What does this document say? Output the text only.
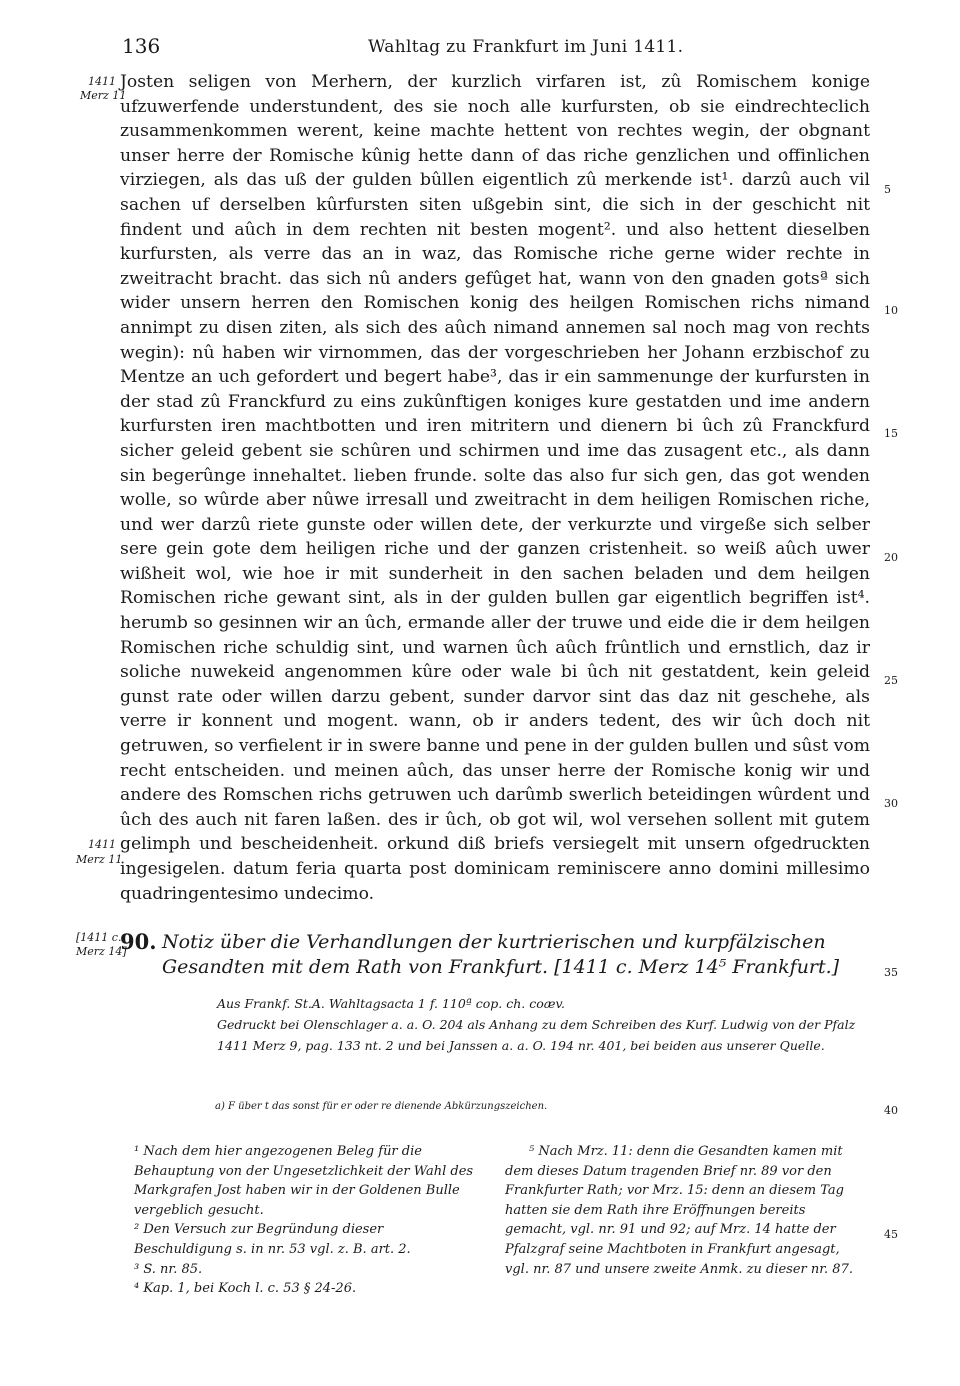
136	Wahltag zu Frankfurt im Juni 1411.
1411
Merz 11
1411
Merz 11
[1411 c.
Merz 14]
5
10
15
20
25
30
35
40
45

Josten seligen von Merhern, der kurzlich virfaren ist, zû Romischem konige ufzuwerfende understundent, des sie noch alle kurfursten, ob sie eindrechteclich zusammenkommen werent, keine machte hettent von rechtes wegin, der obgnant unser herre der Romische kûnig hette dann of das riche genzlichen und offinlichen virziegen, als das uß der gulden bûllen eigentlich zû merkende ist¹. darzû auch vil sachen uf derselben kûrfursten siten ußgebin sint, die sich in der geschicht nit findent und aûch in dem rechten nit besten mogent². und also hettent dieselben kurfursten, als verre das an in waz, das Romische riche gerne wider rechte in zweitracht bracht. das sich nû anders gefûget hat, wann von den gnaden gotsª sich wider unsern herren den Romischen konig des heilgen Romischen richs nimand annimpt zu disen ziten, als sich des aûch nimand annemen sal noch mag von rechts wegin): nû haben wir virnommen, das der vorgeschrieben her Johann erzbischof zu Mentze an uch gefordert und begert habe³, das ir ein sammenunge der kurfursten in der stad zû Franckfurd zu eins zukûnftigen koniges kure gestatden und ime andern kurfursten iren machtbotten und iren mitritern und dienern bi ûch zû Franckfurd sicher geleid gebent sie schûren und schirmen und ime das zusagent etc., als dann sin begerûnge innehaltet. lieben frunde. solte das also fur sich gen, das got wenden wolle, so wûrde aber nûwe irresall und zweitracht in dem heiligen Romischen riche, und wer darzû riete gunste oder willen dete, der verkurzte und virgeße sich selber sere gein gote dem heiligen riche und der ganzen cristenheit. so weiß aûch uwer wißheit wol, wie hoe ir mit sunderheit in den sachen beladen und dem heilgen Romischen riche gewant sint, als in der gulden bullen gar eigentlich begriffen ist⁴. herumb so gesinnen wir an ûch, ermande aller der truwe und eide die ir dem heilgen Romischen riche schuldig sint, und warnen ûch aûch frûntlich und ernstlich, daz ir soliche nuwekeid angenommen kûre oder wale bi ûch nit gestatdent, kein geleid gunst rate oder willen darzu gebent, sunder darvor sint das daz nit geschehe, als verre ir konnent und mogent. wann, ob ir anders tedent, des wir ûch doch nit getruwen, so verfielent ir in swere banne und pene in der gulden bullen und sûst vom recht entscheiden. und meinen aûch, das unser herre der Romische konig wir und andere des Romschen richs getruwen uch darûmb swerlich beteidingen wûrdent und ûch des auch nit faren laßen. des ir ûch, ob got wil, wol versehen sollent mit gutem gelimph und bescheidenheit. orkund diß briefs versiegelt mit unsern ofgedruckten ingesigelen. datum feria quarta post dominicam reminiscere anno domini millesimo quadringentesimo undecimo.

90. Notiz über die Verhandlungen der kurtrierischen und kurpfälzischen Gesandten mit dem Rath von Frankfurt. [1411 c. Merz 14⁵ Frankfurt.]

Aus Frankf. St.A. Wahltagsacta 1 f. 110ª cop. ch. coæv.

Gedruckt bei Olenschlager a. a. O. 204 als Anhang zu dem Schreiben des Kurf. Ludwig von der Pfalz 1411 Merz 9, pag. 133 nt. 2 und bei Janssen a. a. O. 194 nr. 401, bei beiden aus unserer Quelle.

a) F über t das sonst für er oder re dienende Abkürzungszeichen.

¹ Nach dem hier angezogenen Beleg für die Behauptung von der Ungesetzlichkeit der Wahl des Markgrafen Jost haben wir in der Goldenen Bulle vergeblich gesucht.

² Den Versuch zur Begründung dieser Beschuldigung s. in nr. 53 vgl. z. B. art. 2.

³ S. nr. 85.

⁴ Kap. 1, bei Koch l. c. 53 § 24-26.

⁵ Nach Mrz. 11: denn die Gesandten kamen mit dem dieses Datum tragenden Brief nr. 89 vor den Frankfurter Rath; vor Mrz. 15: denn an diesem Tag hatten sie dem Rath ihre Eröffnungen bereits gemacht, vgl. nr. 91 und 92; auf Mrz. 14 hatte der Pfalzgraf seine Machtboten in Frankfurt angesagt, vgl. nr. 87 und unsere zweite Anmk. zu dieser nr. 87.
